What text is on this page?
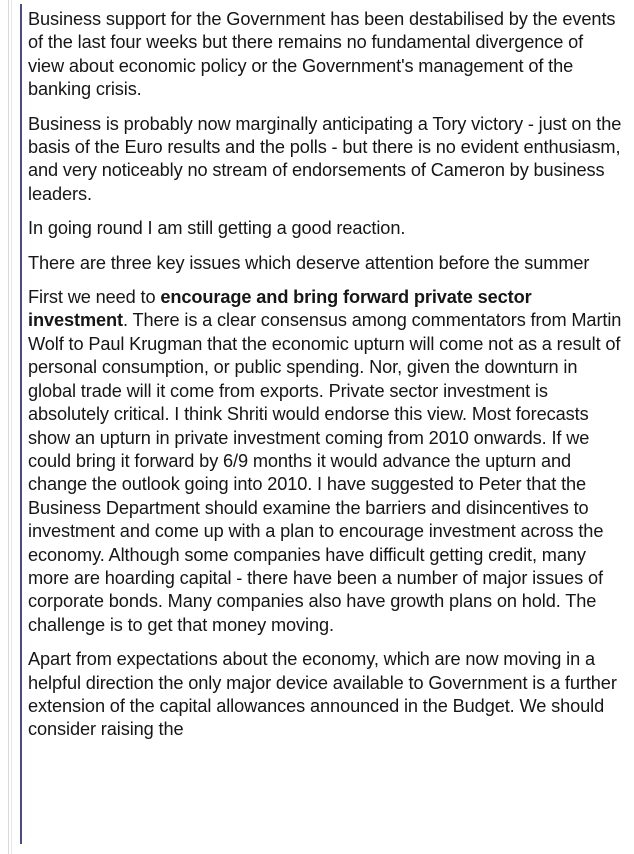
Business support for the Government has been destabilised by the events of the last four weeks but there remains no fundamental divergence of view about economic policy or the Government's management of the banking crisis.

Business is probably now marginally anticipating a Tory victory - just on the basis of the Euro results and the polls - but there is no evident enthusiasm, and very noticeably no stream of endorsements of Cameron by business leaders.

In going round I am still getting a good reaction.

There are three key issues which deserve attention before the summer

First we need to encourage and bring forward private sector investment. There is a clear consensus among commentators from Martin Wolf to Paul Krugman that the economic upturn will come not as a result of personal consumption, or public spending. Nor, given the downturn in global trade will it come from exports. Private sector investment is absolutely critical. I think Shriti would endorse this view. Most forecasts show an upturn in private investment coming from 2010 onwards. If we could bring it forward by 6/9 months it would advance the upturn and change the outlook going into 2010. I have suggested to Peter that the Business Department should examine the barriers and disincentives to investment and come up with a plan to encourage investment across the economy. Although some companies have difficult getting credit, many more are hoarding capital - there have been a number of major issues of corporate bonds. Many companies also have growth plans on hold. The challenge is to get that money moving.

Apart from expectations about the economy, which are now moving in a helpful direction the only major device available to Government is a further extension of the capital allowances announced in the Budget. We should consider raising the
